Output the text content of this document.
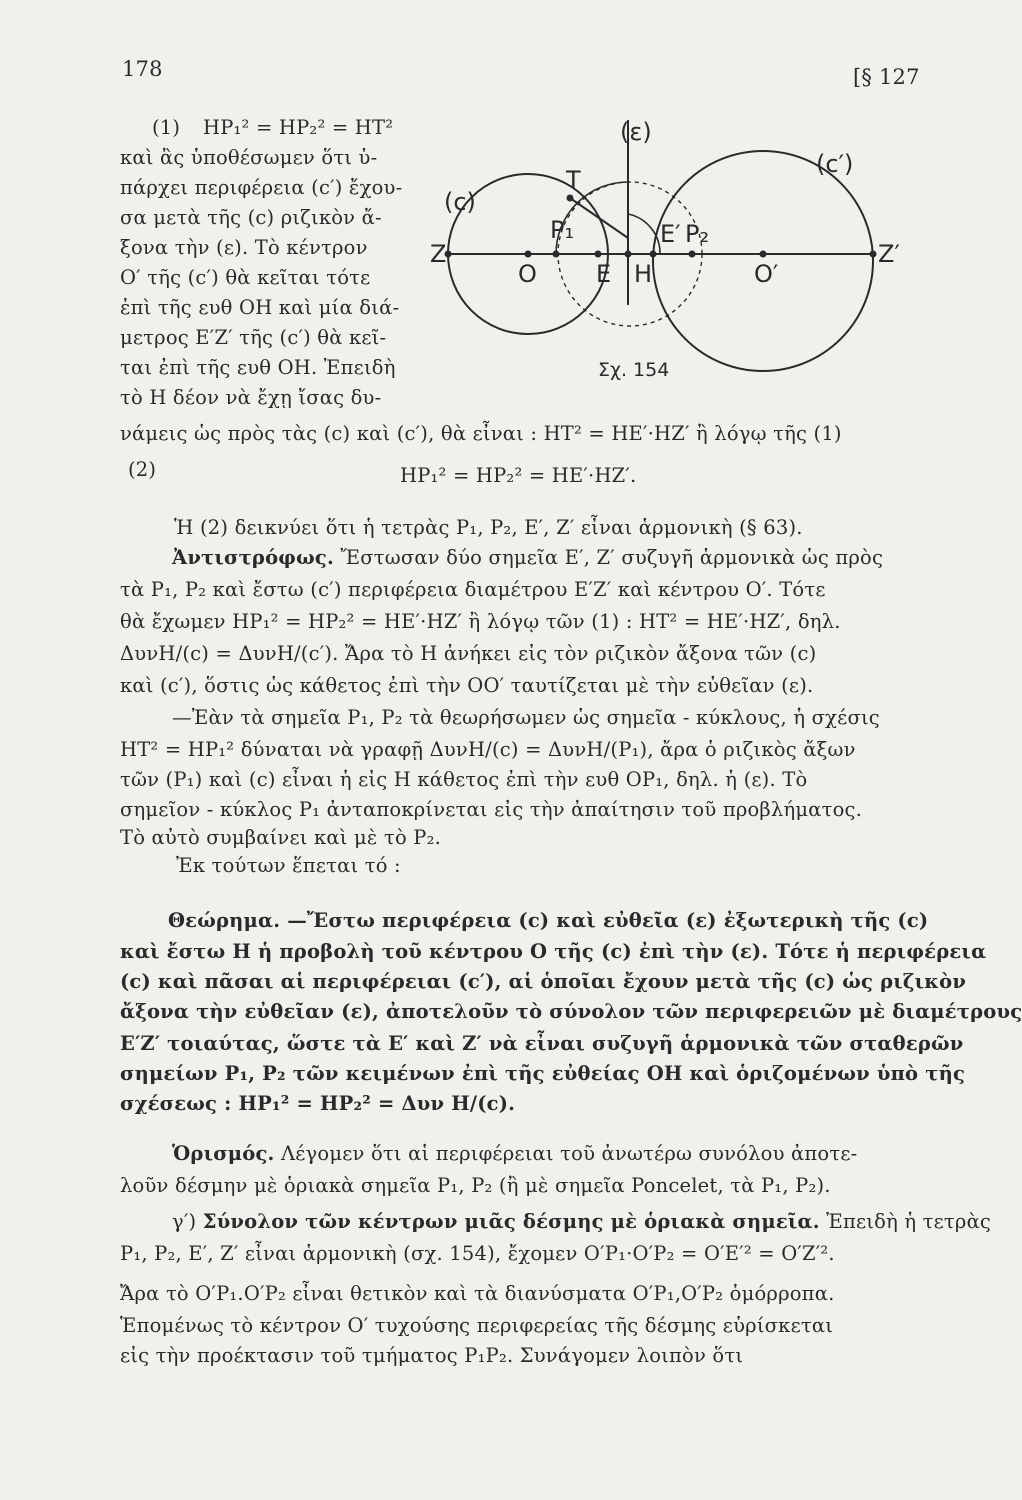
178	[§ 127
(1) HP₁² = HP₂² = HT²
καὶ ἂς ὑποθέσωμεν ὅτι ὑ-
πάρχει περιφέρεια (c′) ἔχου-
σα μετὰ τῆς (c) ριζικὸν ἄ-
ξονα τὴν (ε). Τὸ κέντρον
Ο′ τῆς (c′) θὰ κεῖται τότε
ἐπὶ τῆς ευθ ΟΗ καὶ μία διά-
μετρος Ε′Ζ′ τῆς (c′) θὰ κεῖ-
ται ἐπὶ τῆς ευθ ΟΗ. Ἐπειδὴ
τὸ Η δέον νὰ ἔχῃ ἴσας δυ-
(ε)
(c)
(c′)
T
P₁	P₂
Z
O E H
E′
O′
Z′
Σχ. 154
νάμεις ὡς πρὸς τὰς (c) καὶ (c′), θὰ εἶναι : HT² = HE′·HZ′ ἢ λόγῳ τῆς (1)
(2)	HP₁² = HP₂² = HE′·HZ′.
Ἡ (2) δεικνύει ὅτι ἡ τετρὰς P₁, P₂, E′, Z′ εἶναι ἁρμονικὴ (§ 63).
Ἀντιστρόφως. Ἔστωσαν δύο σημεῖα Ε′, Ζ′ συζυγῆ ἁρμονικὰ ὡς πρὸς
τὰ P₁, P₂ καὶ ἔστω (c′) περιφέρεια διαμέτρου Ε′Ζ′ καὶ κέντρου Ο′. Τότε
θὰ ἔχωμεν HP₁² = HP₂² = HE′·HZ′ ἢ λόγῳ τῶν (1) : HT² = HE′·HZ′, δηλ.
ΔυνΗ/(c) = ΔυνΗ/(c′). Ἄρα τὸ Η ἀνήκει εἰς τὸν ριζικὸν ἄξονα τῶν (c)
καὶ (c′), ὅστις ὡς κάθετος ἐπὶ τὴν ΟΟ′ ταυτίζεται μὲ τὴν εὐθεῖαν (ε).
—Ἐὰν τὰ σημεῖα P₁, P₂ τὰ θεωρήσωμεν ὡς σημεῖα - κύκλους, ἡ σχέσις
HT² = HP₁² δύναται νὰ γραφῇ ΔυνΗ/(c) = ΔυνΗ/(P₁), ἄρα ὁ ριζικὸς ἄξων
τῶν (P₁) καὶ (c) εἶναι ἡ εἰς Η κάθετος ἐπὶ τὴν ευθ ΟP₁, δηλ. ἡ (ε). Τὸ
σημεῖον - κύκλος P₁ ἀνταποκρίνεται εἰς τὴν ἀπαίτησιν τοῦ προβλήματος.
Τὸ αὐτὸ συμβαίνει καὶ μὲ τὸ P₂.
Ἐκ τούτων ἕπεται τό :
Θεώρημα. —Ἔστω περιφέρεια (c) καὶ εὐθεῖα (ε) ἐξωτερικὴ τῆς (c)
καὶ ἔστω Η ἡ προβολὴ τοῦ κέντρου Ο τῆς (c) ἐπὶ τὴν (ε). Τότε ἡ περιφέρεια
(c) καὶ πᾶσαι αἱ περιφέρειαι (c′), αἱ ὁποῖαι ἔχουν μετὰ τῆς (c) ὡς ριζικὸν
ἄξονα τὴν εὐθεῖαν (ε), ἀποτελοῦν τὸ σύνολον τῶν περιφερειῶν μὲ διαμέτρους
Ε′Ζ′ τοιαύτας, ὥστε τὰ Ε′ καὶ Ζ′ νὰ εἶναι συζυγῆ ἁρμονικὰ τῶν σταθερῶν
σημείων P₁, P₂ τῶν κειμένων ἐπὶ τῆς εὐθείας ΟΗ καὶ ὁριζομένων ὑπὸ τῆς
σχέσεως : HP₁² = HP₂² = Δυν Η/(c).
Ὁρισμός. Λέγομεν ὅτι αἱ περιφέρειαι τοῦ ἀνωτέρω συνόλου ἀποτε-
λοῦν δέσμην μὲ ὁριακὰ σημεῖα P₁, P₂ (ἢ μὲ σημεῖα Poncelet, τὰ P₁, P₂).
γ′) Σύνολον τῶν κέντρων μιᾶς δέσμης μὲ ὁριακὰ σημεῖα. Ἐπειδὴ ἡ τετρὰς
P₁, P₂, E′, Z′ εἶναι ἁρμονικὴ (σχ. 154), ἔχομεν O′P₁·O′P₂ = O′E′² = O′Z′².
Ἄρα τὸ O′P₁.O′P₂ εἶναι θετικὸν καὶ τὰ διανύσματα O′P₁,O′P₂ ὁμόρροπα.
Ἑπομένως τὸ κέντρον Ο′ τυχούσης περιφερείας τῆς δέσμης εὑρίσκεται
εἰς τὴν προέκτασιν τοῦ τμήματος P₁P₂. Συνάγομεν λοιπὸν ὅτι
